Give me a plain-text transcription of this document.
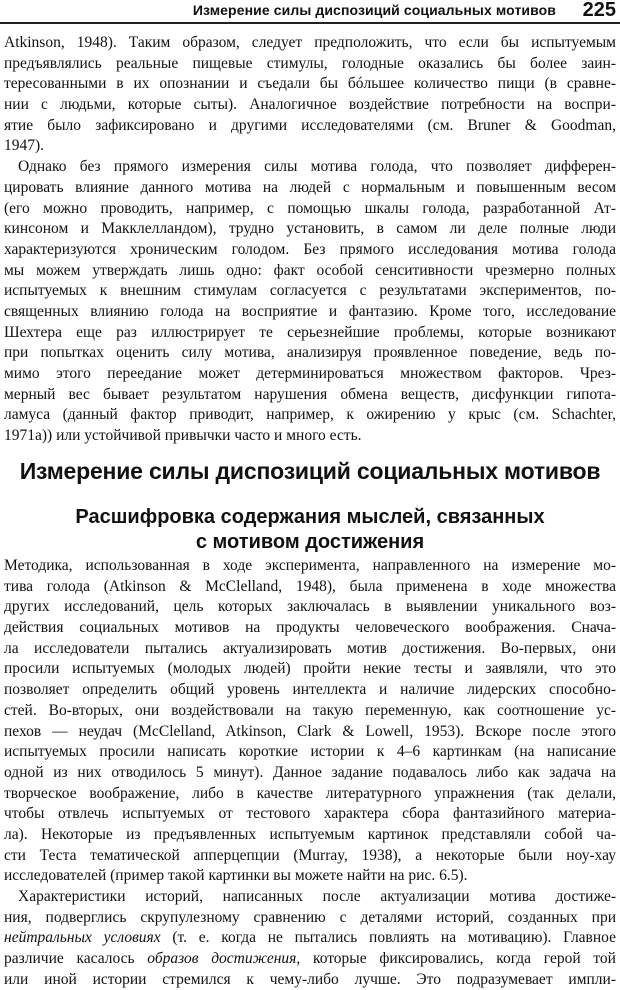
Измерение силы диспозиций социальных мотивов 225
Atkinson, 1948). Таким образом, следует предположить, что если бы испытуемым
предъявлялись реальные пищевые стимулы, голодные оказались бы более заин-
тересованными в их опознании и съедали бы бóльшее количество пищи (в сравне-
нии с людьми, которые сыты). Аналогичное воздействие потребности на воспри-
ятие было зафиксировано и другими исследователями (см. Bruner & Goodman,
1947).
Однако без прямого измерения силы мотива голода, что позволяет дифферен-
цировать влияние данного мотива на людей с нормальным и повышенным весом
(его можно проводить, например, с помощью шкалы голода, разработанной Ат-
кинсоном и Макклелландом), трудно установить, в самом ли деле полные люди
характеризуются хроническим голодом. Без прямого исследования мотива голода
мы можем утверждать лишь одно: факт особой сенситивности чрезмерно полных
испытуемых к внешним стимулам согласуется с результатами экспериментов, по-
священных влиянию голода на восприятие и фантазию. Кроме того, исследование
Шехтера еще раз иллюстрирует те серьезнейшие проблемы, которые возникают
при попытках оценить силу мотива, анализируя проявленное поведение, ведь по-
мимо этого переедание может детерминироваться множеством факторов. Чрез-
мерный вес бывает результатом нарушения обмена веществ, дисфункции гипота-
ламуса (данный фактор приводит, например, к ожирению у крыс (см. Schachter,
1971a)) или устойчивой привычки часто и много есть.
Измерение силы диспозиций социальных мотивов
Расшифровка содержания мыслей, связанных
с мотивом достижения
Методика, использованная в ходе эксперимента, направленного на измерение мо-
тива голода (Atkinson & McClelland, 1948), была применена в ходе множества
других исследований, цель которых заключалась в выявлении уникального воз-
действия социальных мотивов на продукты человеческого воображения. Снача-
ла исследователи пытались актуализировать мотив достижения. Во-первых, они
просили испытуемых (молодых людей) пройти некие тесты и заявляли, что это
позволяет определить общий уровень интеллекта и наличие лидерских способно-
стей. Во-вторых, они воздействовали на такую переменную, как соотношение ус-
пехов — неудач (McClelland, Atkinson, Clark & Lowell, 1953). Вскоре после этого
испытуемых просили написать короткие истории к 4–6 картинкам (на написание
одной из них отводилось 5 минут). Данное задание подавалось либо как задача на
творческое воображение, либо в качестве литературного упражнения (так делали,
чтобы отвлечь испытуемых от тестового характера сбора фантазийного материа-
ла). Некоторые из предъявленных испытуемым картинок представляли собой ча-
сти Теста тематической апперцепции (Murray, 1938), а некоторые были ноу-хау
исследователей (пример такой картинки вы можете найти на рис. 6.5).
Характеристики историй, написанных после актуализации мотива достиже-
ния, подверглись скрупулезному сравнению с деталями историй, созданных при
нейтральных условиях (т. е. когда не пытались повлиять на мотивацию). Главное
различие касалось образов достижения, которые фиксировались, когда герой той
или иной истории стремился к чему-либо лучше. Это подразумевает импли-
